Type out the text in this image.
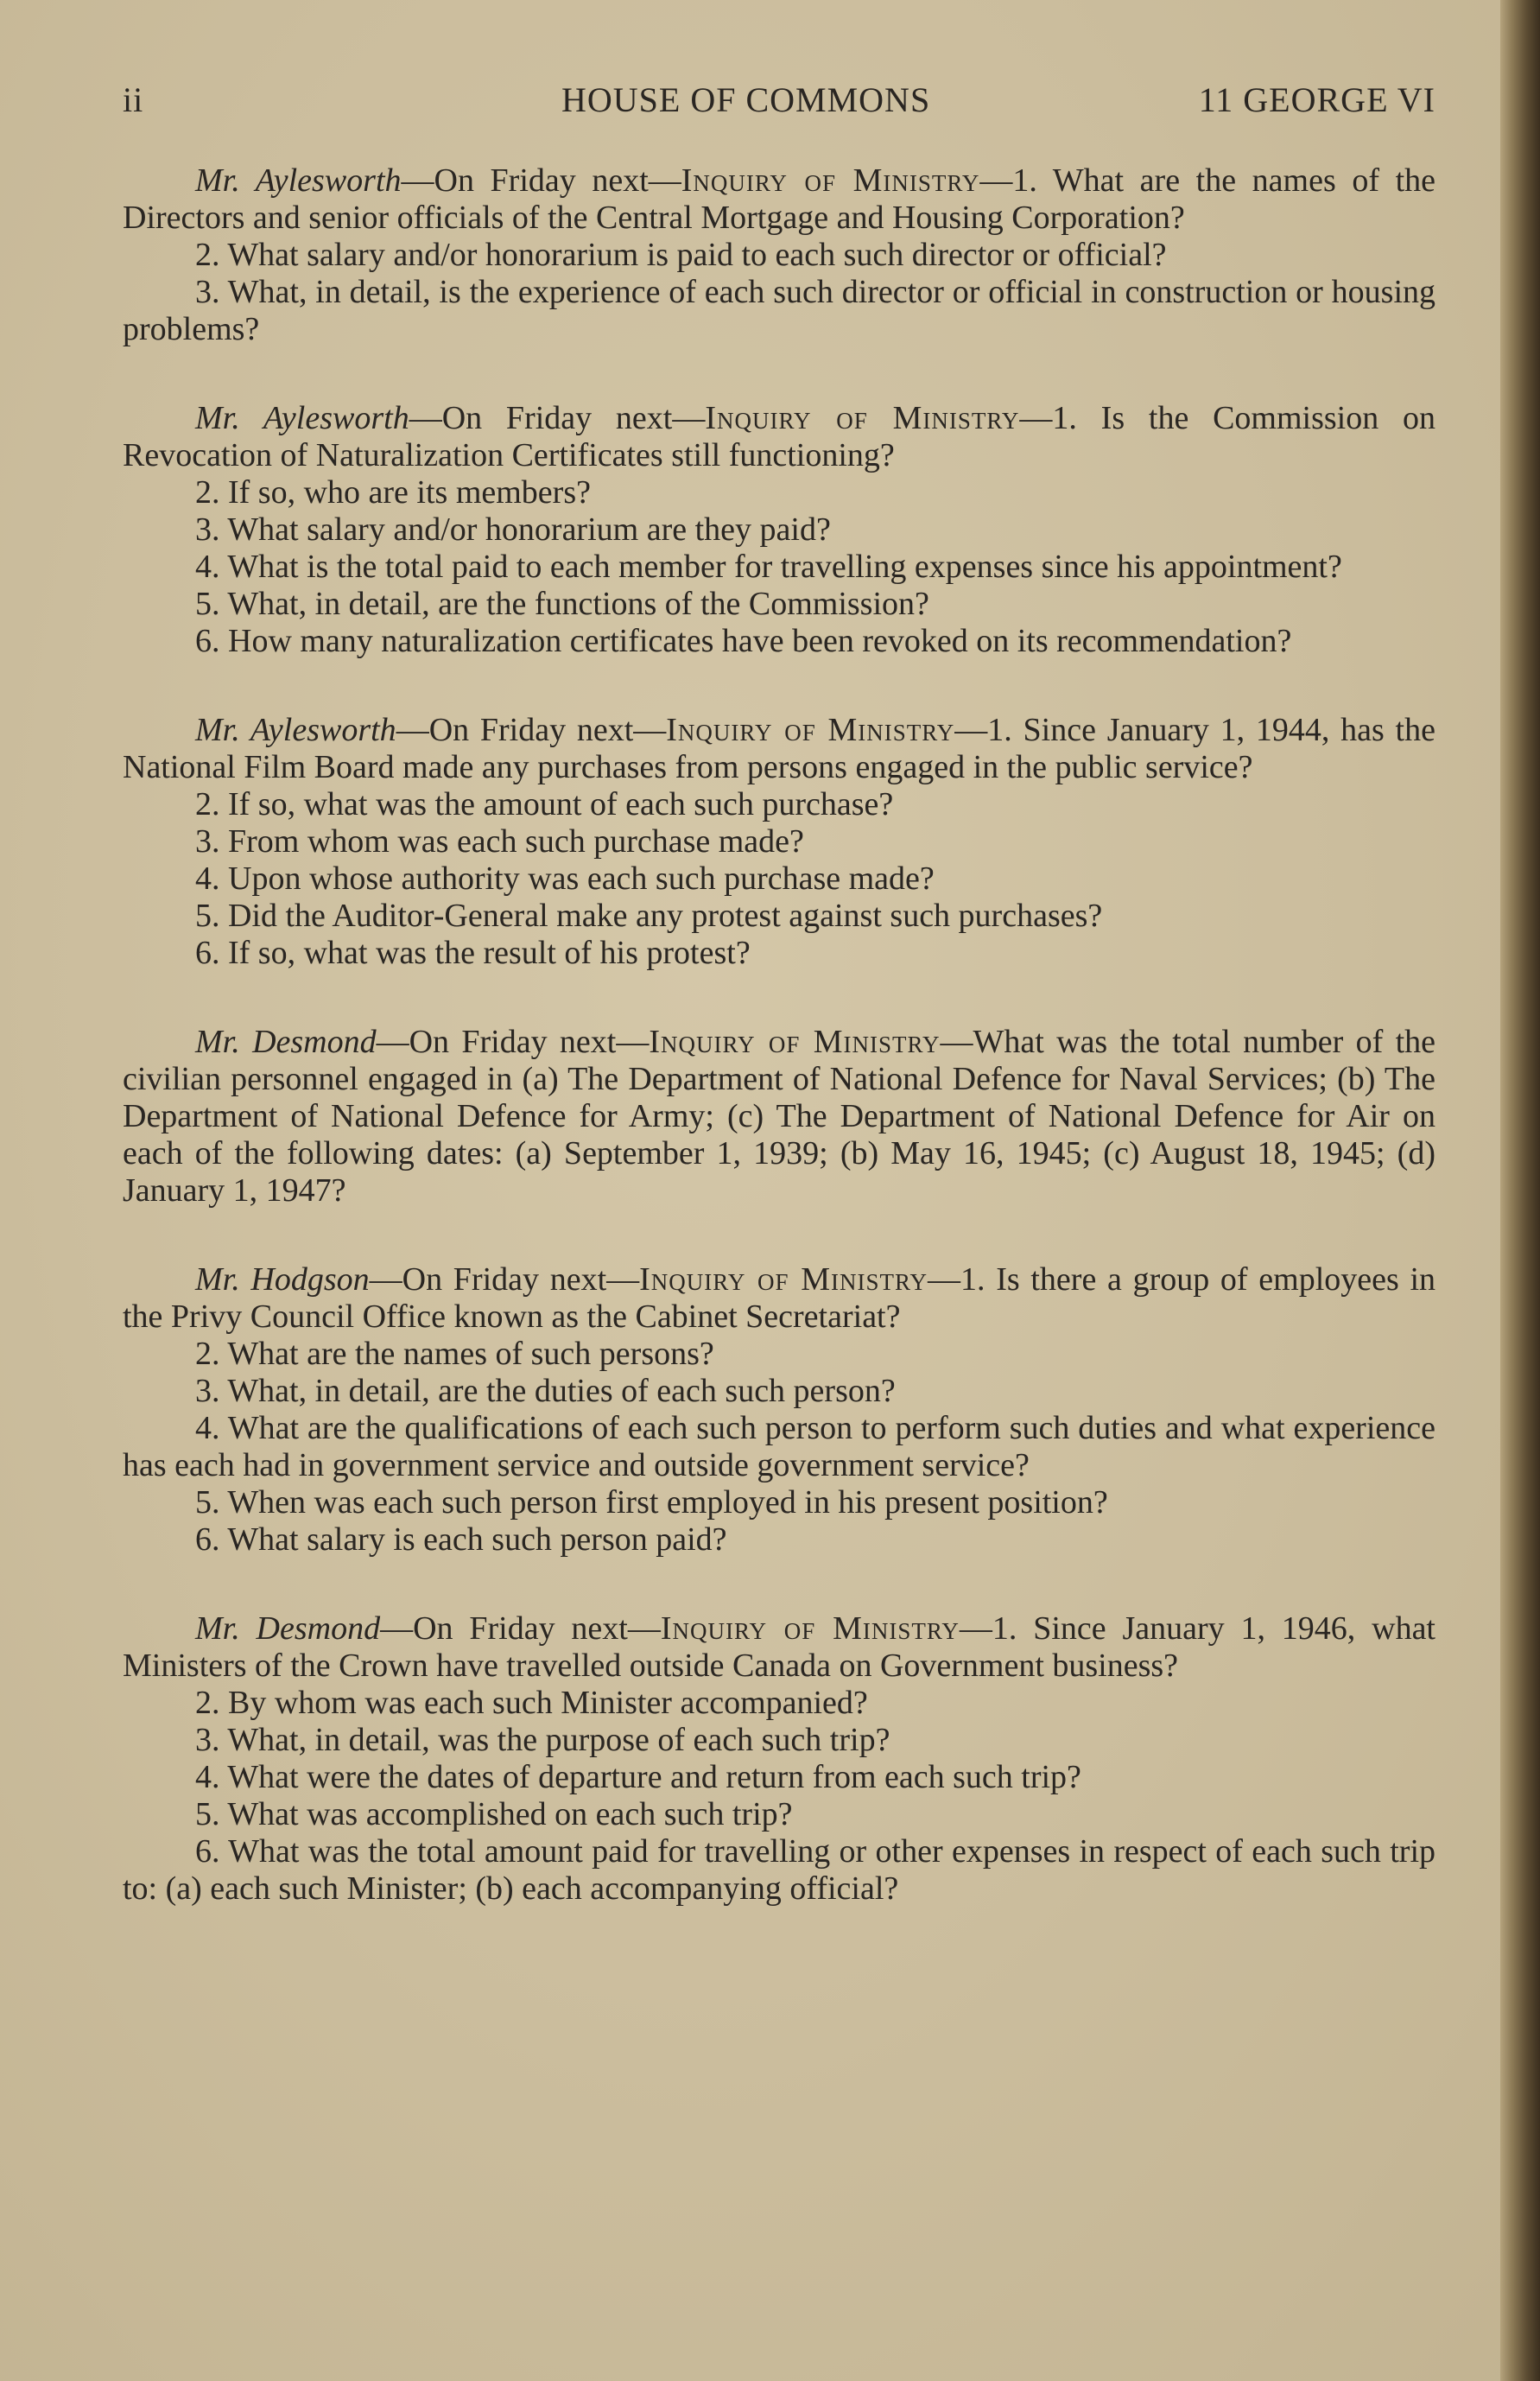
ii	HOUSE OF COMMONS	11 GEORGE VI

Mr. Aylesworth—On Friday next—Inquiry of Ministry—1. What are the names of the Directors and senior officials of the Central Mortgage and Housing Corporation?

2. What salary and/or honorarium is paid to each such director or official?

3. What, in detail, is the experience of each such director or official in construction or housing problems?

Mr. Aylesworth—On Friday next—Inquiry of Ministry—1. Is the Commission on Revocation of Naturalization Certificates still functioning?

2. If so, who are its members?

3. What salary and/or honorarium are they paid?

4. What is the total paid to each member for travelling expenses since his appointment?

5. What, in detail, are the functions of the Commission?

6. How many naturalization certificates have been revoked on its recommendation?

Mr. Aylesworth—On Friday next—Inquiry of Ministry—1. Since January 1, 1944, has the National Film Board made any purchases from persons engaged in the public service?

2. If so, what was the amount of each such purchase?

3. From whom was each such purchase made?

4. Upon whose authority was each such purchase made?

5. Did the Auditor-General make any protest against such purchases?

6. If so, what was the result of his protest?

Mr. Desmond—On Friday next—Inquiry of Ministry—What was the total number of the civilian personnel engaged in (a) The Department of National Defence for Naval Services; (b) The Department of National Defence for Army; (c) The Department of National Defence for Air on each of the following dates: (a) September 1, 1939; (b) May 16, 1945; (c) August 18, 1945; (d) January 1, 1947?

Mr. Hodgson—On Friday next—Inquiry of Ministry—1. Is there a group of employees in the Privy Council Office known as the Cabinet Secretariat?

2. What are the names of such persons?

3. What, in detail, are the duties of each such person?

4. What are the qualifications of each such person to perform such duties and what experience has each had in government service and outside government service?

5. When was each such person first employed in his present position?

6. What salary is each such person paid?

Mr. Desmond—On Friday next—Inquiry of Ministry—1. Since January 1, 1946, what Ministers of the Crown have travelled outside Canada on Government business?

2. By whom was each such Minister accompanied?

3. What, in detail, was the purpose of each such trip?

4. What were the dates of departure and return from each such trip?

5. What was accomplished on each such trip?

6. What was the total amount paid for travelling or other expenses in respect of each such trip to: (a) each such Minister; (b) each accompanying official?
